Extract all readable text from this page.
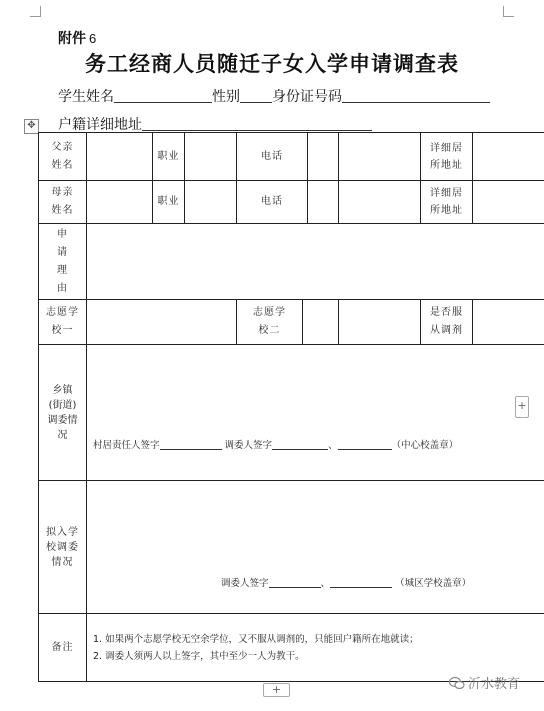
附件 6
务工经商人员随迁子女入学申请调查表
学生姓名	性别 身份证号码
✥ 户籍详细地址
父亲姓名		职业		电话		详细居所地址	

母亲姓名		职业		电话		详细居所地址	

申请理由							

志愿学校一				志愿学校二		是否服从调剂	

乡镇(街道)调委情况	村居责任人签字 调委人签字 、 （中心校盖章）						

拟入学校调委情况	调委人签字 、 （城区学校盖章）						

备注	1. 如果两个志愿学校无空余学位，又不服从调剂的，只能回户籍所在地就读；
2. 调委人须两人以上签字，其中至少一人为教干。						
+
+	沂水教育
